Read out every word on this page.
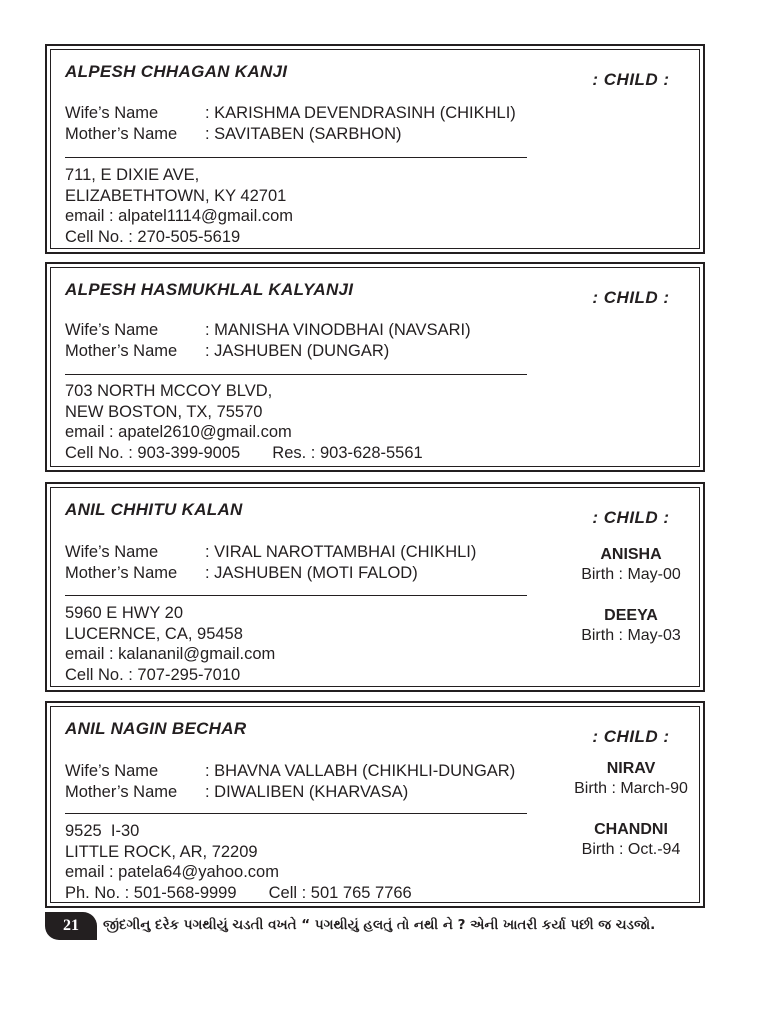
ALPESH CHHAGAN KANJI	: CHILD :
Wife’s Name	: KARISHMA DEVENDRASINH (CHIKHLI)
Mother’s Name : SAVITABEN (SARBHON)
711, E DIXIE AVE,
ELIZABETHTOWN, KY 42701
email : alpatel1114@gmail.com
Cell No. : 270-505-5619
ALPESH HASMUKHLAL KALYANJI	: CHILD :
Wife’s Name	: MANISHA VINODBHAI (NAVSARI)
Mother’s Name : JASHUBEN (DUNGAR)
703 NORTH MCCOY BLVD,
NEW BOSTON, TX, 75570
email : apatel2610@gmail.com
Cell No. : 903-399-9005       Res. : 903-628-5561
ANIL CHHITU KALAN	: CHILD :
Wife’s Name	: VIRAL NAROTTAMBHAI (CHIKHLI)
Mother’s Name : JASHUBEN (MOTI FALOD)
5960 E HWY 20
LUCERNCE, CA, 95458
email : kalananil@gmail.com
Cell No. : 707-295-7010
ANISHA
Birth : May-00
DEEYA
Birth : May-03
ANIL NAGIN BECHAR	: CHILD :
Wife’s Name	: BHAVNA VALLABH (CHIKHLI-DUNGAR)
Mother’s Name : DIWALIBEN (KHARVASA)
9525  I-30
LITTLE ROCK, AR, 72209
email : patela64@yahoo.com
Ph. No. : 501-568-9999       Cell : 501 765 7766
NIRAV
Birth : March-90
CHANDNI
Birth : Oct.-94
21	જીંદગીનુ દરેક પગથીયું ચડતી વખતે “ પગથીયું હલતું તો નથી ને ? એની ખાતરી કર્યા પછી જ ચડજો.
